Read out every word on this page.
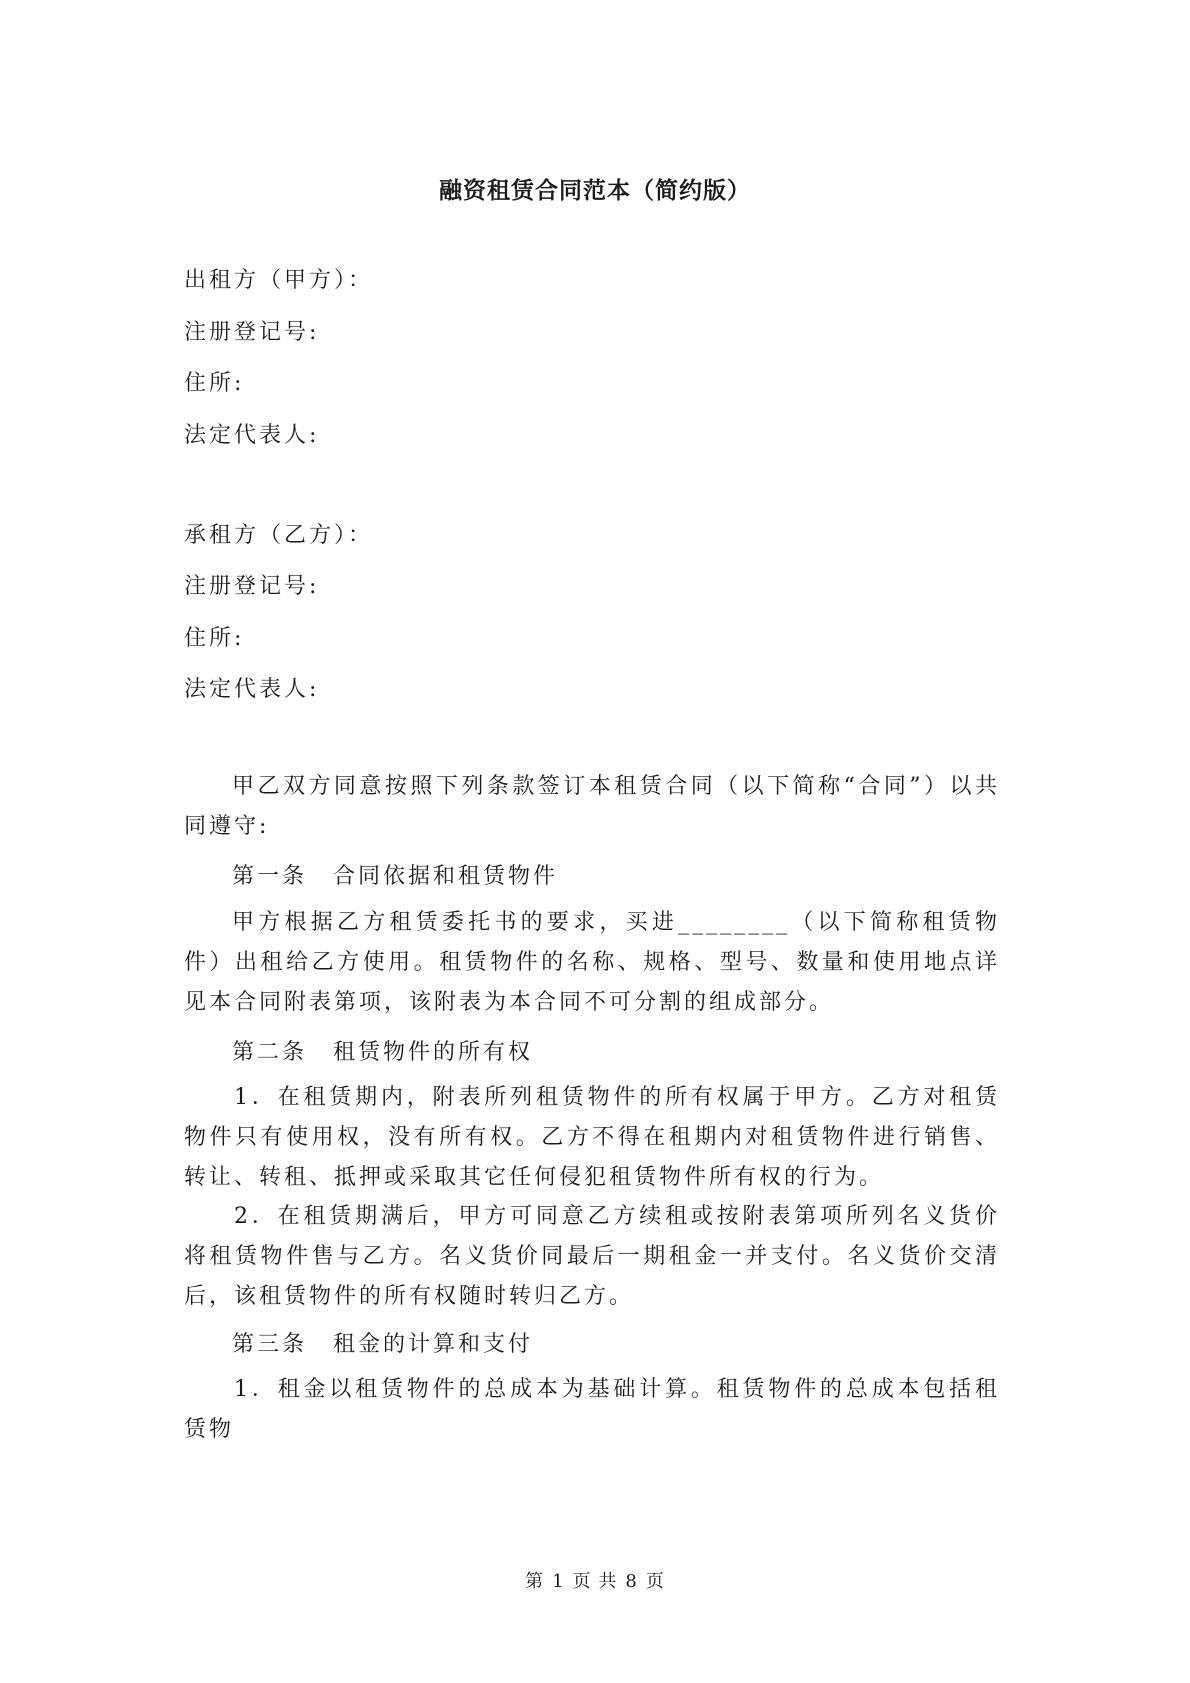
融资租赁合同范本（简约版）
出租方（甲方）：
注册登记号:
住所:
法定代表人:
承租方（乙方）：
注册登记号:
住所:
法定代表人:

甲乙双方同意按照下列条款签订本租赁合同（以下简称“合同”）以共同遵守:

第一条 合同依据和租赁物件

甲方根据乙方租赁委托书的要求，买进________（以下简称租赁物件）出租给乙方使用。租赁物件的名称、规格、型号、数量和使用地点详见本合同附表第项，该附表为本合同不可分割的组成部分。

第二条 租赁物件的所有权

1．在租赁期内，附表所列租赁物件的所有权属于甲方。乙方对租赁物件只有使用权，没有所有权。乙方不得在租期内对租赁物件进行销售、转让、转租、抵押或采取其它任何侵犯租赁物件所有权的行为。

2．在租赁期满后，甲方可同意乙方续租或按附表第项所列名义货价将租赁物件售与乙方。名义货价同最后一期租金一并支付。名义货价交清后，该租赁物件的所有权随时转归乙方。

第三条 租金的计算和支付

1．租金以租赁物件的总成本为基础计算。租赁物件的总成本包括租赁物

第 1 页 共 8 页
